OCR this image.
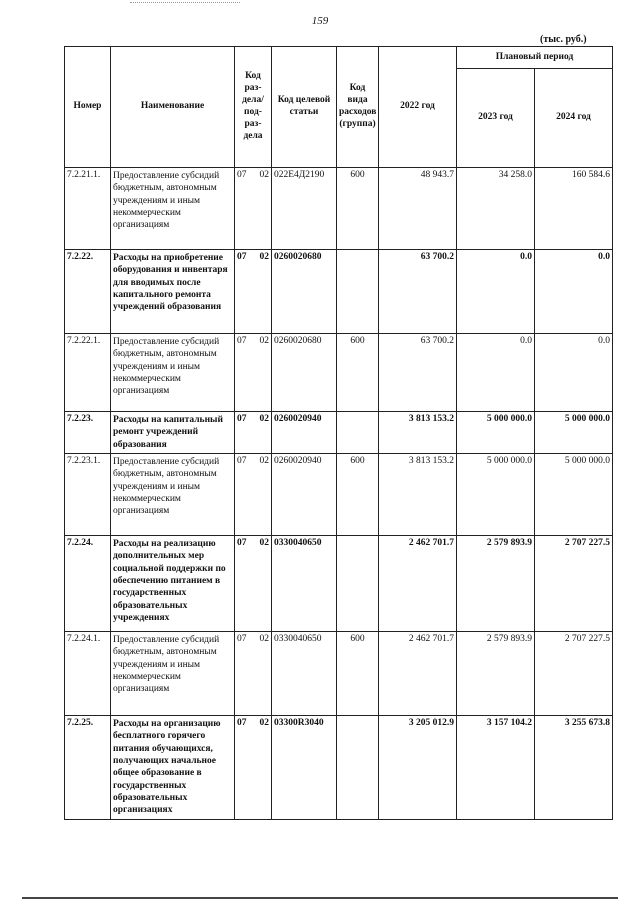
159
(тыс. руб.)
Номер	Наименование	Код раз-дела/ под-раз-дела	Код целевой статьи	Код вида расходов (группа)	2022 год	Плановый период	
						2023 год	2024 год
7.2.21.1.	Предоставление субсидий бюджетным, автономным учреждениям и иным некоммерческим организациям	07 02	022Е4Д2190	600	48 943.7	34 258.0	160 584.6
7.2.22.	Расходы на приобретение оборудования и инвентаря для вводимых после капитального ремонта учреждений образования	07 02	0260020680		63 700.2	0.0	0.0
7.2.22.1.	Предоставление субсидий бюджетным, автономным учреждениям и иным некоммерческим организациям	07 02	0260020680	600	63 700.2	0.0	0.0
7.2.23.	Расходы на капитальный ремонт учреждений образования	07 02	0260020940		3 813 153.2	5 000 000.0	5 000 000.0
7.2.23.1.	Предоставление субсидий бюджетным, автономным учреждениям и иным некоммерческим организациям	07 02	0260020940	600	3 813 153.2	5 000 000.0	5 000 000.0
7.2.24.	Расходы на реализацию дополнительных мер социальной поддержки по обеспечению питанием в государственных образовательных учреждениях	07 02	0330040650		2 462 701.7	2 579 893.9	2 707 227.5
7.2.24.1.	Предоставление субсидий бюджетным, автономным учреждениям и иным некоммерческим организациям	07 02	0330040650	600	2 462 701.7	2 579 893.9	2 707 227.5
7.2.25.	Расходы на организацию бесплатного горячего питания обучающихся, получающих начальное общее образование в государственных образовательных организациях	07 02	03300R3040		3 205 012.9	3 157 104.2	3 255 673.8
